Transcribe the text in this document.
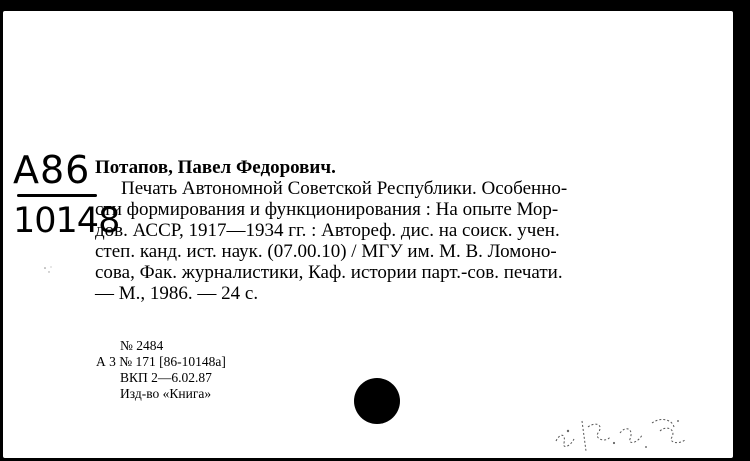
A86
10148
Потапов, Павел Федорович.
Печать Автономной Советской Республики. Особенно-
сти формирования и функционирования : На опыте Мор-
дов. АССР, 1917—1934 гг. : Автореф. дис. на соиск. учен.
степ. канд. ист. наук. (07.00.10) / МГУ им. М. В. Ломоно-
сова, Фак. журналистики, Каф. истории парт.-сов. печати.
— М., 1986. — 24 с.
№ 2484
А 3 № 171 [86-10148а]
ВКП 2—6.02.87
Изд-во «Книга»
